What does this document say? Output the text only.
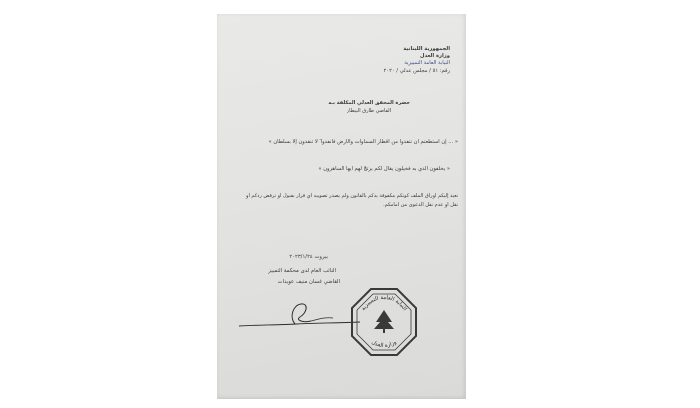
الجمهورية اللبنانية
وزارة العدل
النيابة العامة التمييزية
رقم: ٥١ / مجلس عدلي / ٢٠٢٠
حضرة المحقق العدلي المكلفة بـه
القاضي طارق البيطار
« ... إن استطعتم أن تنفذوا من أقطار السماوات والأرض فانفذوا ۚ لا تنفذون إلا بسلطان »
« يخلفون الذي به فخيلون يقال لكم يرتجُّ لهم أيها الساهرون »
نعيد إليكم أوراق الملف كونكم مكفوفة يدكم بالقانون ولم يصدر تصويبه أي قرار بقبول او ترفض ردكم أو
نقل او عدم نقل الدعوى من امامكم.
بيروت ٢٠٢٣/١/٢٤
النائب العام لدى محكمة التمييز
القاضي غسان منيف عويدات
النيابة العامة التمييزية
وزارة العدل
